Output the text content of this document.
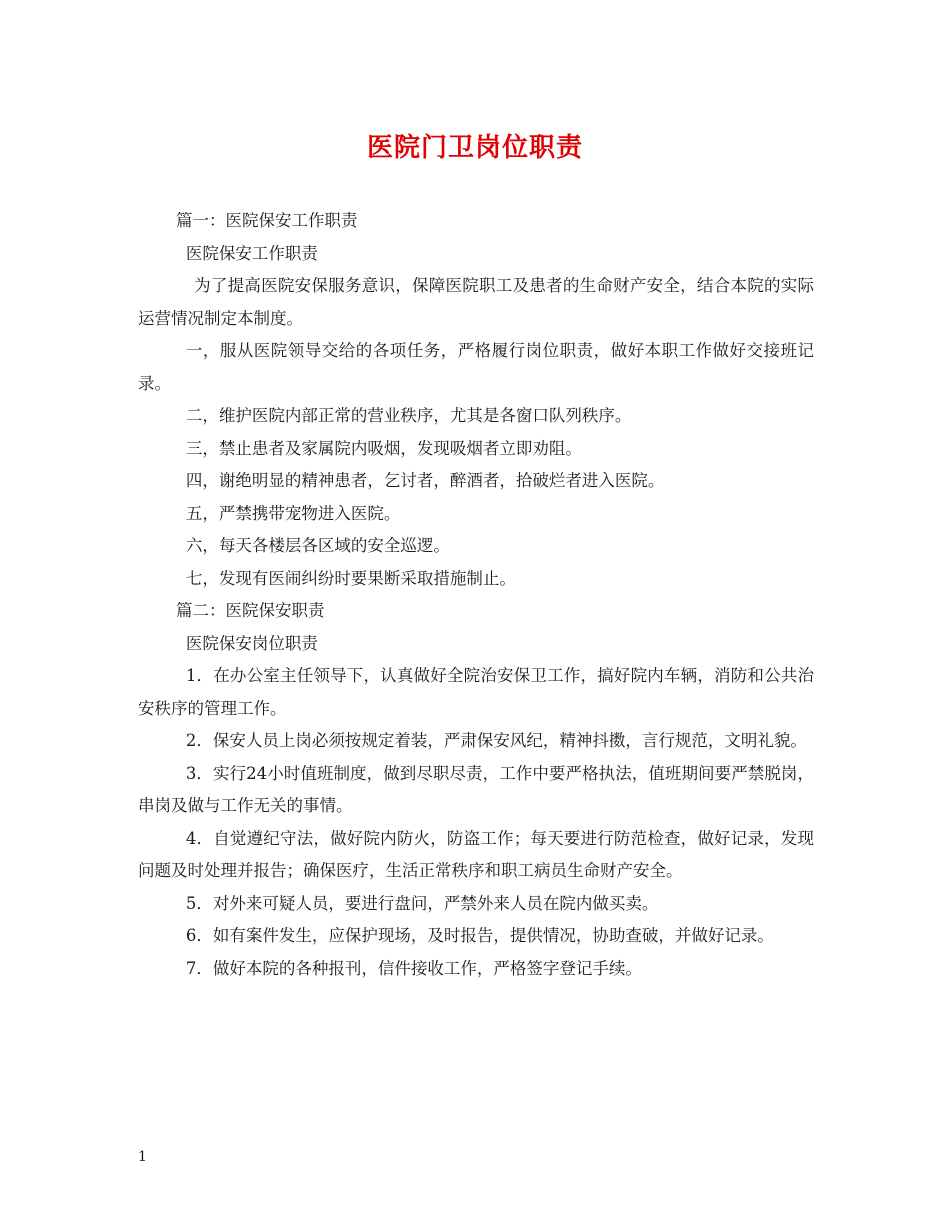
医院门卫岗位职责

篇一：医院保安工作职责

医院保安工作职责

为了提高医院安保服务意识，保障医院职工及患者的生命财产安全，结合本院的实际运营情况制定本制度。

一，服从医院领导交给的各项任务，严格履行岗位职责，做好本职工作做好交接班记录。

二，维护医院内部正常的营业秩序，尤其是各窗口队列秩序。

三，禁止患者及家属院内吸烟，发现吸烟者立即劝阻。

四，谢绝明显的精神患者，乞讨者，醉酒者，拾破烂者进入医院。

五，严禁携带宠物进入医院。

六，每天各楼层各区域的安全巡逻。

七，发现有医闹纠纷时要果断采取措施制止。

篇二：医院保安职责

医院保安岗位职责

1．在办公室主任领导下，认真做好全院治安保卫工作，搞好院内车辆，消防和公共治安秩序的管理工作。

2．保安人员上岗必须按规定着装，严肃保安风纪，精神抖擞，言行规范，文明礼貌。

3．实行24小时值班制度，做到尽职尽责，工作中要严格执法，值班期间要严禁脱岗，串岗及做与工作无关的事情。

4．自觉遵纪守法，做好院内防火，防盗工作；每天要进行防范检查，做好记录，发现问题及时处理并报告；确保医疗，生活正常秩序和职工病员生命财产安全。

5．对外来可疑人员，要进行盘问，严禁外来人员在院内做买卖。

6．如有案件发生，应保护现场，及时报告，提供情况，协助查破，并做好记录。

7．做好本院的各种报刊，信件接收工作，严格签字登记手续。

1
